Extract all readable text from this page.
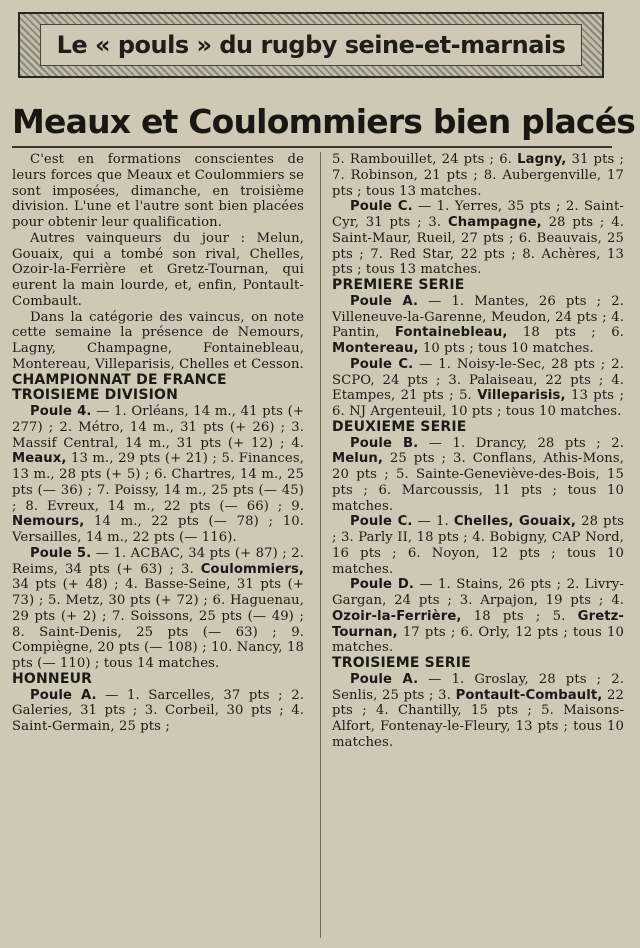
Le « pouls » du rugby seine-et-marnais
Meaux et Coulommiers bien placés

C'est en formations conscientes de leurs forces que Meaux et Coulommiers se sont imposées, dimanche, en troisième division. L'une et l'autre sont bien placées pour obtenir leur qualification.

Autres vainqueurs du jour : Melun, Gouaix, qui a tombé son rival, Chelles, Ozoir-la-Ferrière et Gretz-Tournan, qui eurent la main lourde, et, enfin, Pontault-Combault.

Dans la catégorie des vaincus, on note cette semaine la présence de Nemours, Lagny, Champagne, Fontainebleau, Montereau, Villeparisis, Chelles et Cesson.

CHAMPIONNAT DE FRANCE

TROISIEME DIVISION

Poule 4. — 1. Orléans, 14 m., 41 pts (+ 277) ; 2. Métro, 14 m., 31 pts (+ 26) ; 3. Massif Central, 14 m., 31 pts (+ 12) ; 4. Meaux, 13 m., 29 pts (+ 21) ; 5. Finances, 13 m., 28 pts (+ 5) ; 6. Chartres, 14 m., 25 pts (— 36) ; 7. Poissy, 14 m., 25 pts (— 45) ; 8. Evreux, 14 m., 22 pts (— 66) ; 9. Nemours, 14 m., 22 pts (— 78) ; 10. Versailles, 14 m., 22 pts (— 116).

Poule 5. — 1. ACBAC, 34 pts (+ 87) ; 2. Reims, 34 pts (+ 63) ; 3. Coulommiers, 34 pts (+ 48) ; 4. Basse-Seine, 31 pts (+ 73) ; 5. Metz, 30 pts (+ 72) ; 6. Haguenau, 29 pts (+ 2) ; 7. Soissons, 25 pts (— 49) ; 8. Saint-Denis, 25 pts (— 63) ; 9. Compiègne, 20 pts (— 108) ; 10. Nancy, 18 pts (— 110) ; tous 14 matches.

HONNEUR

Poule A. — 1. Sarcelles, 37 pts ; 2. Galeries, 31 pts ; 3. Corbeil, 30 pts ; 4. Saint-Germain, 25 pts ;

5. Rambouillet, 24 pts ; 6. Lagny, 31 pts ; 7. Robinson, 21 pts ; 8. Aubergenville, 17 pts ; tous 13 matches.

Poule C. — 1. Yerres, 35 pts ; 2. Saint-Cyr, 31 pts ; 3. Champagne, 28 pts ; 4. Saint-Maur, Rueil, 27 pts ; 6. Beauvais, 25 pts ; 7. Red Star, 22 pts ; 8. Achères, 13 pts ; tous 13 matches.

PREMIERE SERIE

Poule A. — 1. Mantes, 26 pts ; 2. Villeneuve-la-Garenne, Meudon, 24 pts ; 4. Pantin, Fontainebleau, 18 pts ; 6. Montereau, 10 pts ; tous 10 matches.

Poule C. — 1. Noisy-le-Sec, 28 pts ; 2. SCPO, 24 pts ; 3. Palaiseau, 22 pts ; 4. Etampes, 21 pts ; 5. Villeparisis, 13 pts ; 6. NJ Argenteuil, 10 pts ; tous 10 matches.

DEUXIEME SERIE

Poule B. — 1. Drancy, 28 pts ; 2. Melun, 25 pts ; 3. Conflans, Athis-Mons, 20 pts ; 5. Sainte-Geneviève-des-Bois, 15 pts ; 6. Marcoussis, 11 pts ; tous 10 matches.

Poule C. — 1. Chelles, Gouaix, 28 pts ; 3. Parly II, 18 pts ; 4. Bobigny, CAP Nord, 16 pts ; 6. Noyon, 12 pts ; tous 10 matches.

Poule D. — 1. Stains, 26 pts ; 2. Livry-Gargan, 24 pts ; 3. Arpajon, 19 pts ; 4. Ozoir-la-Ferrière, 18 pts ; 5. Gretz-Tournan, 17 pts ; 6. Orly, 12 pts ; tous 10 matches.

TROISIEME SERIE

Poule A. — 1. Groslay, 28 pts ; 2. Senlis, 25 pts ; 3. Pontault-Combault, 22 pts ; 4. Chantilly, 15 pts ; 5. Maisons-Alfort, Fontenay-le-Fleury, 13 pts ; tous 10 matches.
